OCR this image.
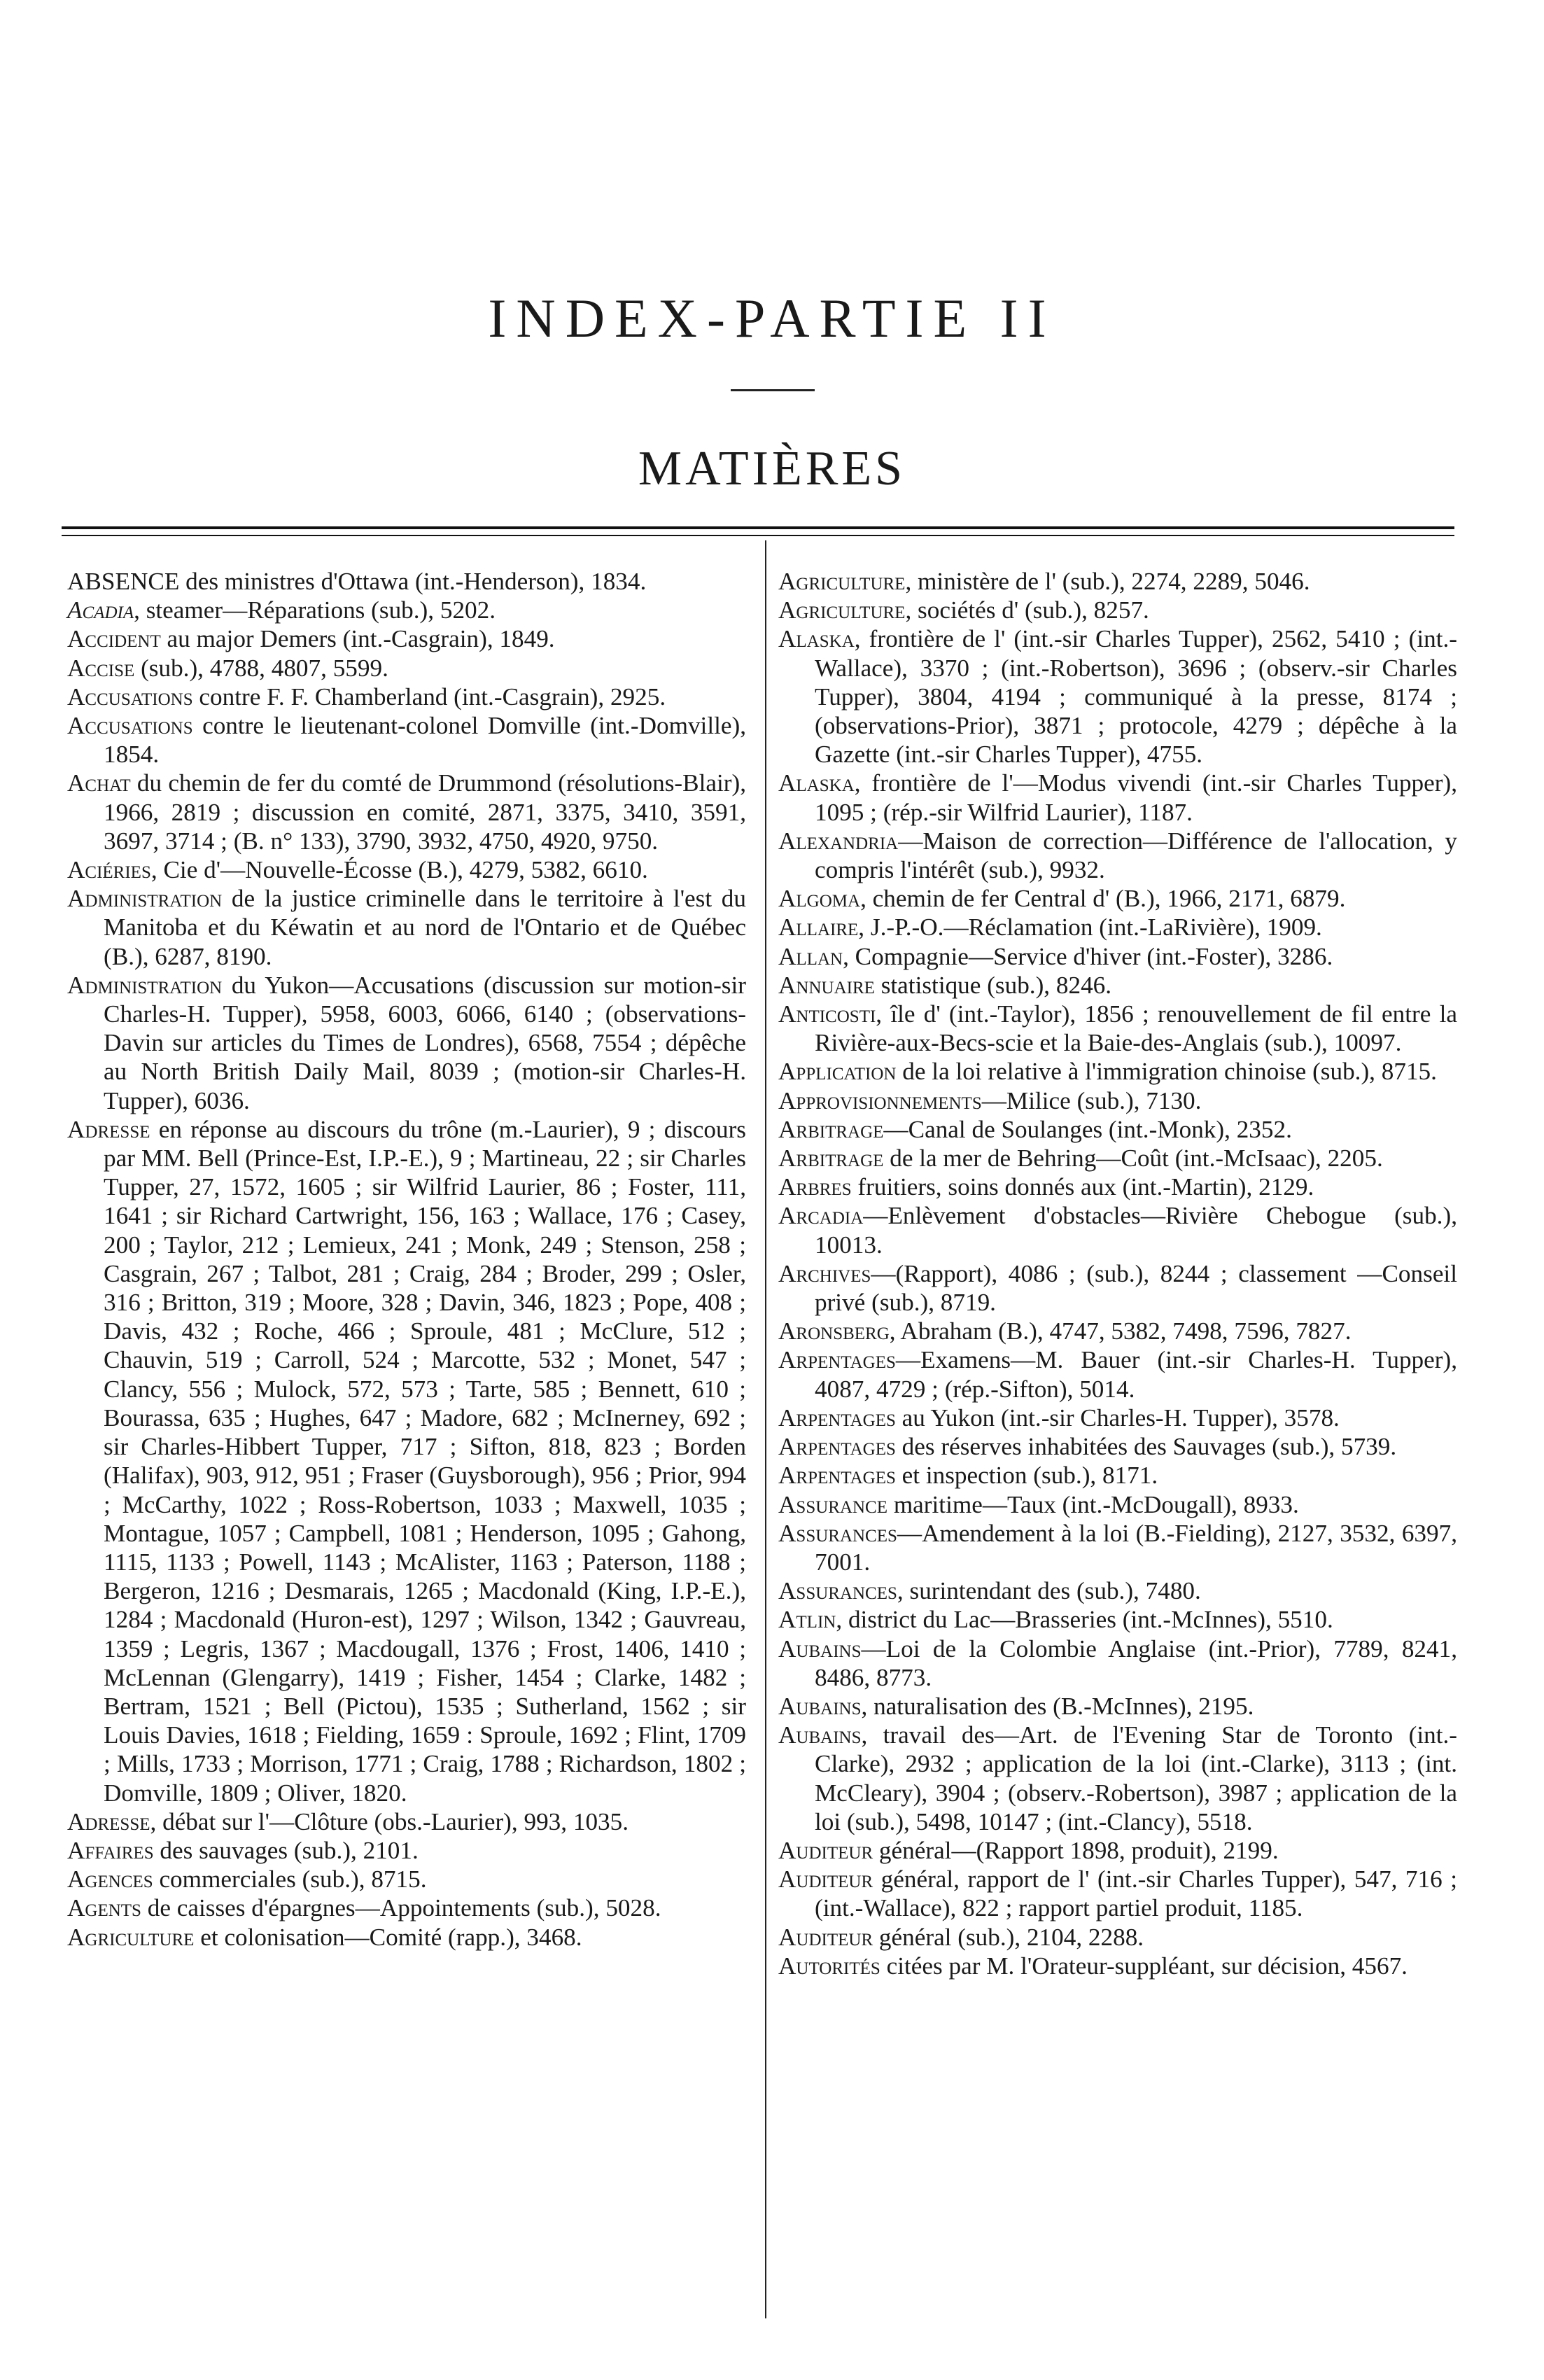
INDEX-PARTIE II
MATIÈRES

ABSENCE des ministres d'Ottawa (int.-Henderson), 1834.

Acadia, steamer—Réparations (sub.), 5202.

Accident au major Demers (int.-Casgrain), 1849.

Accise (sub.), 4788, 4807, 5599.

Accusations contre F. F. Chamberland (int.-Casgrain), 2925.

Accusations contre le lieutenant-colonel Domville (int.-Domville), 1854.

Achat du chemin de fer du comté de Drummond (résolutions-Blair), 1966, 2819 ; discussion en comité, 2871, 3375, 3410, 3591, 3697, 3714 ; (B. n° 133), 3790, 3932, 4750, 4920, 9750.

Aciéries, Cie d'—Nouvelle-Écosse (B.), 4279, 5382, 6610.

Administration de la justice criminelle dans le territoire à l'est du Manitoba et du Kéwatin et au nord de l'Ontario et de Québec (B.), 6287, 8190.

Administration du Yukon—Accusations (discussion sur motion-sir Charles-H. Tupper), 5958, 6003, 6066, 6140 ; (observations-Davin sur articles du Times de Londres), 6568, 7554 ; dépêche au North British Daily Mail, 8039 ; (motion-sir Charles-H. Tupper), 6036.

Adresse en réponse au discours du trône (m.-Laurier), 9 ; discours par MM. Bell (Prince-Est, I.P.-E.), 9 ; Martineau, 22 ; sir Charles Tupper, 27, 1572, 1605 ; sir Wilfrid Laurier, 86 ; Foster, 111, 1641 ; sir Richard Cartwright, 156, 163 ; Wallace, 176 ; Casey, 200 ; Taylor, 212 ; Lemieux, 241 ; Monk, 249 ; Stenson, 258 ; Casgrain, 267 ; Talbot, 281 ; Craig, 284 ; Broder, 299 ; Osler, 316 ; Britton, 319 ; Moore, 328 ; Davin, 346, 1823 ; Pope, 408 ; Davis, 432 ; Roche, 466 ; Sproule, 481 ; McClure, 512 ; Chauvin, 519 ; Carroll, 524 ; Marcotte, 532 ; Monet, 547 ; Clancy, 556 ; Mulock, 572, 573 ; Tarte, 585 ; Bennett, 610 ; Bourassa, 635 ; Hughes, 647 ; Madore, 682 ; McInerney, 692 ; sir Charles-Hibbert Tupper, 717 ; Sifton, 818, 823 ; Borden (Halifax), 903, 912, 951 ; Fraser (Guysborough), 956 ; Prior, 994 ; McCarthy, 1022 ; Ross-Robertson, 1033 ; Maxwell, 1035 ; Montague, 1057 ; Campbell, 1081 ; Henderson, 1095 ; Gahong, 1115, 1133 ; Powell, 1143 ; McAlister, 1163 ; Paterson, 1188 ; Bergeron, 1216 ; Desmarais, 1265 ; Macdonald (King, I.P.-E.), 1284 ; Macdonald (Huron-est), 1297 ; Wilson, 1342 ; Gauvreau, 1359 ; Legris, 1367 ; Macdougall, 1376 ; Frost, 1406, 1410 ; McLennan (Glengarry), 1419 ; Fisher, 1454 ; Clarke, 1482 ; Bertram, 1521 ; Bell (Pictou), 1535 ; Sutherland, 1562 ; sir Louis Davies, 1618 ; Fielding, 1659 : Sproule, 1692 ; Flint, 1709 ; Mills, 1733 ; Morrison, 1771 ; Craig, 1788 ; Richardson, 1802 ; Domville, 1809 ; Oliver, 1820.

Adresse, débat sur l'—Clôture (obs.-Laurier), 993, 1035.

Affaires des sauvages (sub.), 2101.

Agences commerciales (sub.), 8715.

Agents de caisses d'épargnes—Appointements (sub.), 5028.

Agriculture et colonisation—Comité (rapp.), 3468.

Agriculture, ministère de l' (sub.), 2274, 2289, 5046.

Agriculture, sociétés d' (sub.), 8257.

Alaska, frontière de l' (int.-sir Charles Tupper), 2562, 5410 ; (int.-Wallace), 3370 ; (int.-Robertson), 3696 ; (observ.-sir Charles Tupper), 3804, 4194 ; communiqué à la presse, 8174 ; (observations-Prior), 3871 ; protocole, 4279 ; dépêche à la Gazette (int.-sir Charles Tupper), 4755.

Alaska, frontière de l'—Modus vivendi (int.-sir Charles Tupper), 1095 ; (rép.-sir Wilfrid Laurier), 1187.

Alexandria—Maison de correction—Différence de l'allocation, y compris l'intérêt (sub.), 9932.

Algoma, chemin de fer Central d' (B.), 1966, 2171, 6879.

Allaire, J.-P.-O.—Réclamation (int.-LaRivière), 1909.

Allan, Compagnie—Service d'hiver (int.-Foster), 3286.

Annuaire statistique (sub.), 8246.

Anticosti, île d' (int.-Taylor), 1856 ; renouvellement de fil entre la Rivière-aux-Becs-scie et la Baie-des-Anglais (sub.), 10097.

Application de la loi relative à l'immigration chinoise (sub.), 8715.

Approvisionnements—Milice (sub.), 7130.

Arbitrage—Canal de Soulanges (int.-Monk), 2352.

Arbitrage de la mer de Behring—Coût (int.-McIsaac), 2205.

Arbres fruitiers, soins donnés aux (int.-Martin), 2129.

Arcadia—Enlèvement d'obstacles—Rivière Chebogue (sub.), 10013.

Archives—(Rapport), 4086 ; (sub.), 8244 ; classement —Conseil privé (sub.), 8719.

Aronsberg, Abraham (B.), 4747, 5382, 7498, 7596, 7827.

Arpentages—Examens—M. Bauer (int.-sir Charles-H. Tupper), 4087, 4729 ; (rép.-Sifton), 5014.

Arpentages au Yukon (int.-sir Charles-H. Tupper), 3578.

Arpentages des réserves inhabitées des Sauvages (sub.), 5739.

Arpentages et inspection (sub.), 8171.

Assurance maritime—Taux (int.-McDougall), 8933.

Assurances—Amendement à la loi (B.-Fielding), 2127, 3532, 6397, 7001.

Assurances, surintendant des (sub.), 7480.

Atlin, district du Lac—Brasseries (int.-McInnes), 5510.

Aubains—Loi de la Colombie Anglaise (int.-Prior), 7789, 8241, 8486, 8773.

Aubains, naturalisation des (B.-McInnes), 2195.

Aubains, travail des—Art. de l'Evening Star de Toronto (int.-Clarke), 2932 ; application de la loi (int.-Clarke), 3113 ; (int. McCleary), 3904 ; (observ.-Robertson), 3987 ; application de la loi (sub.), 5498, 10147 ; (int.-Clancy), 5518.

Auditeur général—(Rapport 1898, produit), 2199.

Auditeur général, rapport de l' (int.-sir Charles Tupper), 547, 716 ; (int.-Wallace), 822 ; rapport partiel produit, 1185.

Auditeur général (sub.), 2104, 2288.

Autorités citées par M. l'Orateur-suppléant, sur décision, 4567.
